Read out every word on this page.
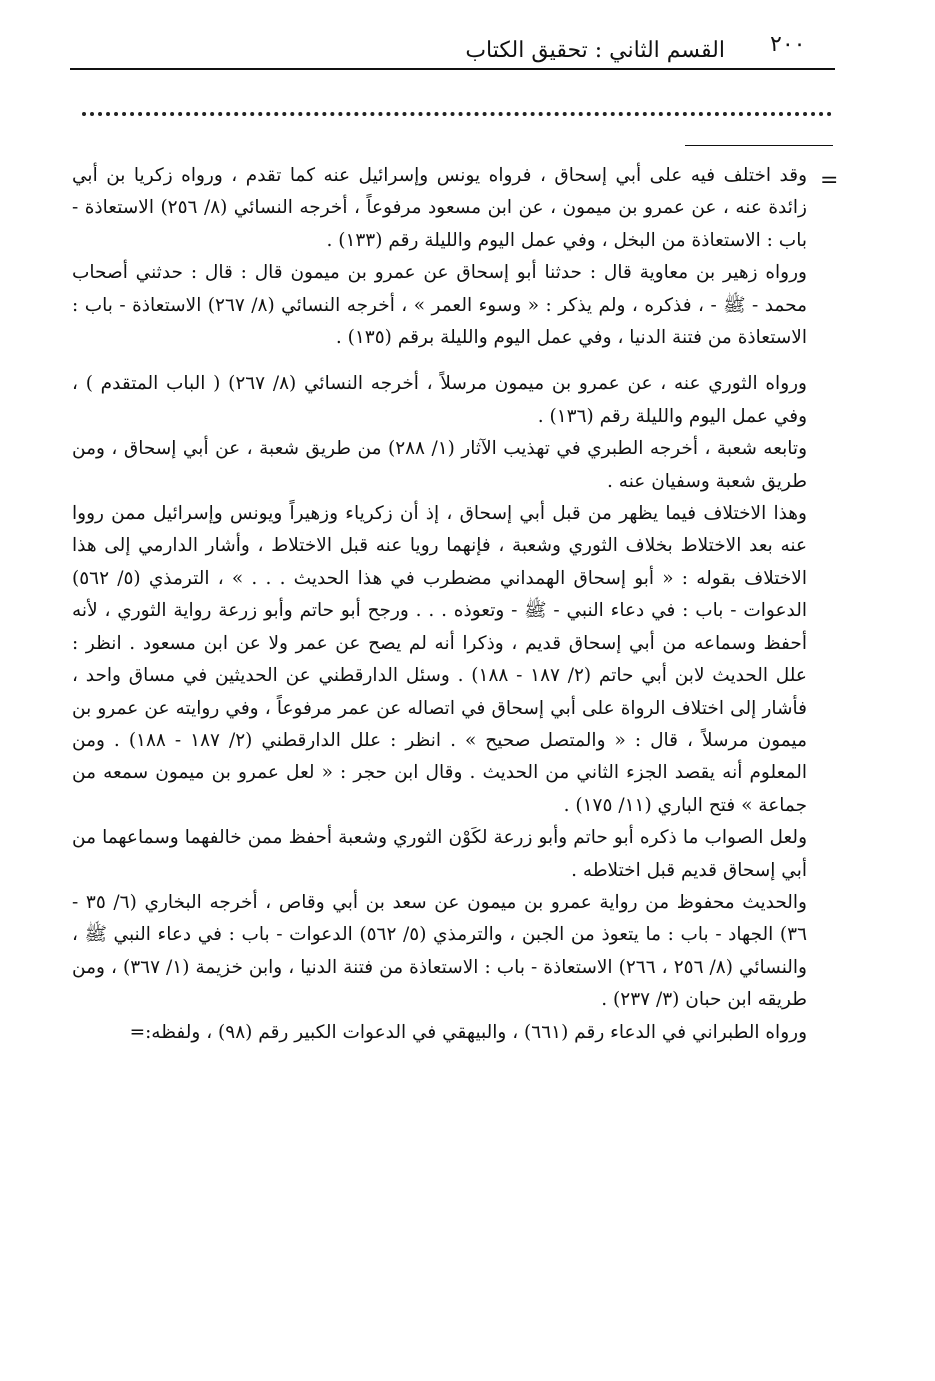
القسم الثاني : تحقيق الكتاب ٢٠٠
=

وقد اختلف فيه على أبي إسحاق ، فرواه يونس وإسرائيل عنه كما تقدم ، ورواه زكريا بن أبي زائدة عنه ، عن عمرو بن ميمون ، عن ابن مسعود مرفوعاً ، أخرجه النسائي (٨/ ٢٥٦) الاستعاذة - باب : الاستعاذة من البخل ، وفي عمل اليوم والليلة رقم (١٣٣) .

ورواه زهير بن معاوية قال : حدثنا أبو إسحاق عن عمرو بن ميمون قال : قال : حدثني أصحاب محمد - ﷺ - ، فذكره ، ولم يذكر : « وسوء العمر » ، أخرجه النسائي (٨/ ٢٦٧) الاستعاذة - باب : الاستعاذة من فتنة الدنيا ، وفي عمل اليوم والليلة برقم (١٣٥) .

ورواه الثوري عنه ، عن عمرو بن ميمون مرسلاً ، أخرجه النسائي (٨/ ٢٦٧) ( الباب المتقدم ) ، وفي عمل اليوم والليلة رقم (١٣٦) .

وتابعه شعبة ، أخرجه الطبري في تهذيب الآثار (١/ ٢٨٨) من طريق شعبة ، عن أبي إسحاق ، ومن طريق شعبة وسفيان عنه .

وهذا الاختلاف فيما يظهر من قبل أبي إسحاق ، إذ أن زكرياء وزهيراً ويونس وإسرائيل ممن رووا عنه بعد الاختلاط بخلاف الثوري وشعبة ، فإنهما رويا عنه قبل الاختلاط ، وأشار الدارمي إلى هذا الاختلاف بقوله : « أبو إسحاق الهمداني مضطرب في هذا الحديث . . . » ، الترمذي (٥/ ٥٦٢) الدعوات - باب : في دعاء النبي - ﷺ - وتعوذه . . . ورجح أبو حاتم وأبو زرعة رواية الثوري ، لأنه أحفظ وسماعه من أبي إسحاق قديم ، وذكرا أنه لم يصح عن عمر ولا عن ابن مسعود . انظر : علل الحديث لابن أبي حاتم (٢/ ١٨٧ - ١٨٨) . وسئل الدارقطني عن الحديثين في مساق واحد ، فأشار إلى اختلاف الرواة على أبي إسحاق في اتصاله عن عمر مرفوعاً ، وفي روايته عن عمرو بن ميمون مرسلاً ، قال : « والمتصل صحيح » . انظر : علل الدارقطني (٢/ ١٨٧ - ١٨٨) . ومن المعلوم أنه يقصد الجزء الثاني من الحديث . وقال ابن حجر : « لعل عمرو بن ميمون سمعه من جماعة » فتح الباري (١١/ ١٧٥) .

ولعل الصواب ما ذكره أبو حاتم وأبو زرعة لكَوْن الثوري وشعبة أحفظ ممن خالفهما وسماعهما من أبي إسحاق قديم قبل اختلاطه .

والحديث محفوظ من رواية عمرو بن ميمون عن سعد بن أبي وقاص ، أخرجه البخاري (٦/ ٣٥ - ٣٦) الجهاد - باب : ما يتعوذ من الجبن ، والترمذي (٥/ ٥٦٢) الدعوات - باب : في دعاء النبي ﷺ ، والنسائي (٨/ ٢٥٦ ، ٢٦٦) الاستعاذة - باب : الاستعاذة من فتنة الدنيا ، وابن خزيمة (١/ ٣٦٧) ، ومن طريقه ابن حبان (٣/ ٢٣٧) .

ورواه الطبراني في الدعاء رقم (٦٦١) ، والبيهقي في الدعوات الكبير رقم (٩٨) ، ولفظه:=
